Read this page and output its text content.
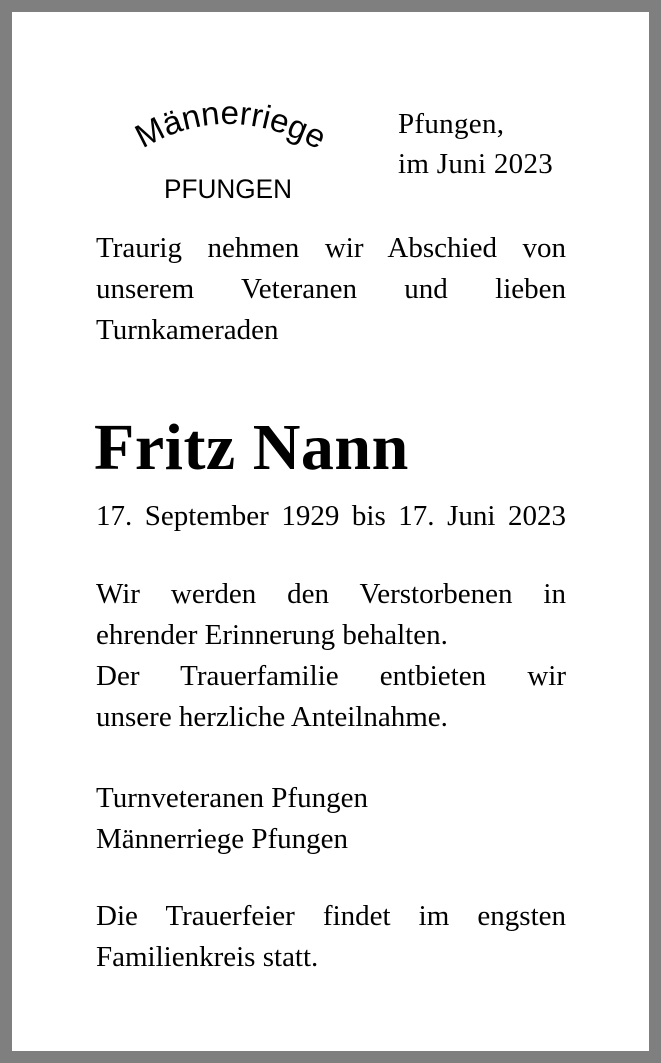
Männerriege
PFUNGEN
Pfungen,
im Juni 2023
Traurig nehmen wir Abschied von
unserem Veteranen und lieben
Turnkameraden
Fritz Nann
17. September 1929 bis 17. Juni 2023
Wir werden den Verstorbenen in
ehrender Erinnerung behalten.
Der Trauerfamilie entbieten wir
unsere herzliche Anteilnahme.
Turnveteranen Pfungen
Männerriege Pfungen
Die Trauerfeier findet im engsten
Familienkreis statt.
